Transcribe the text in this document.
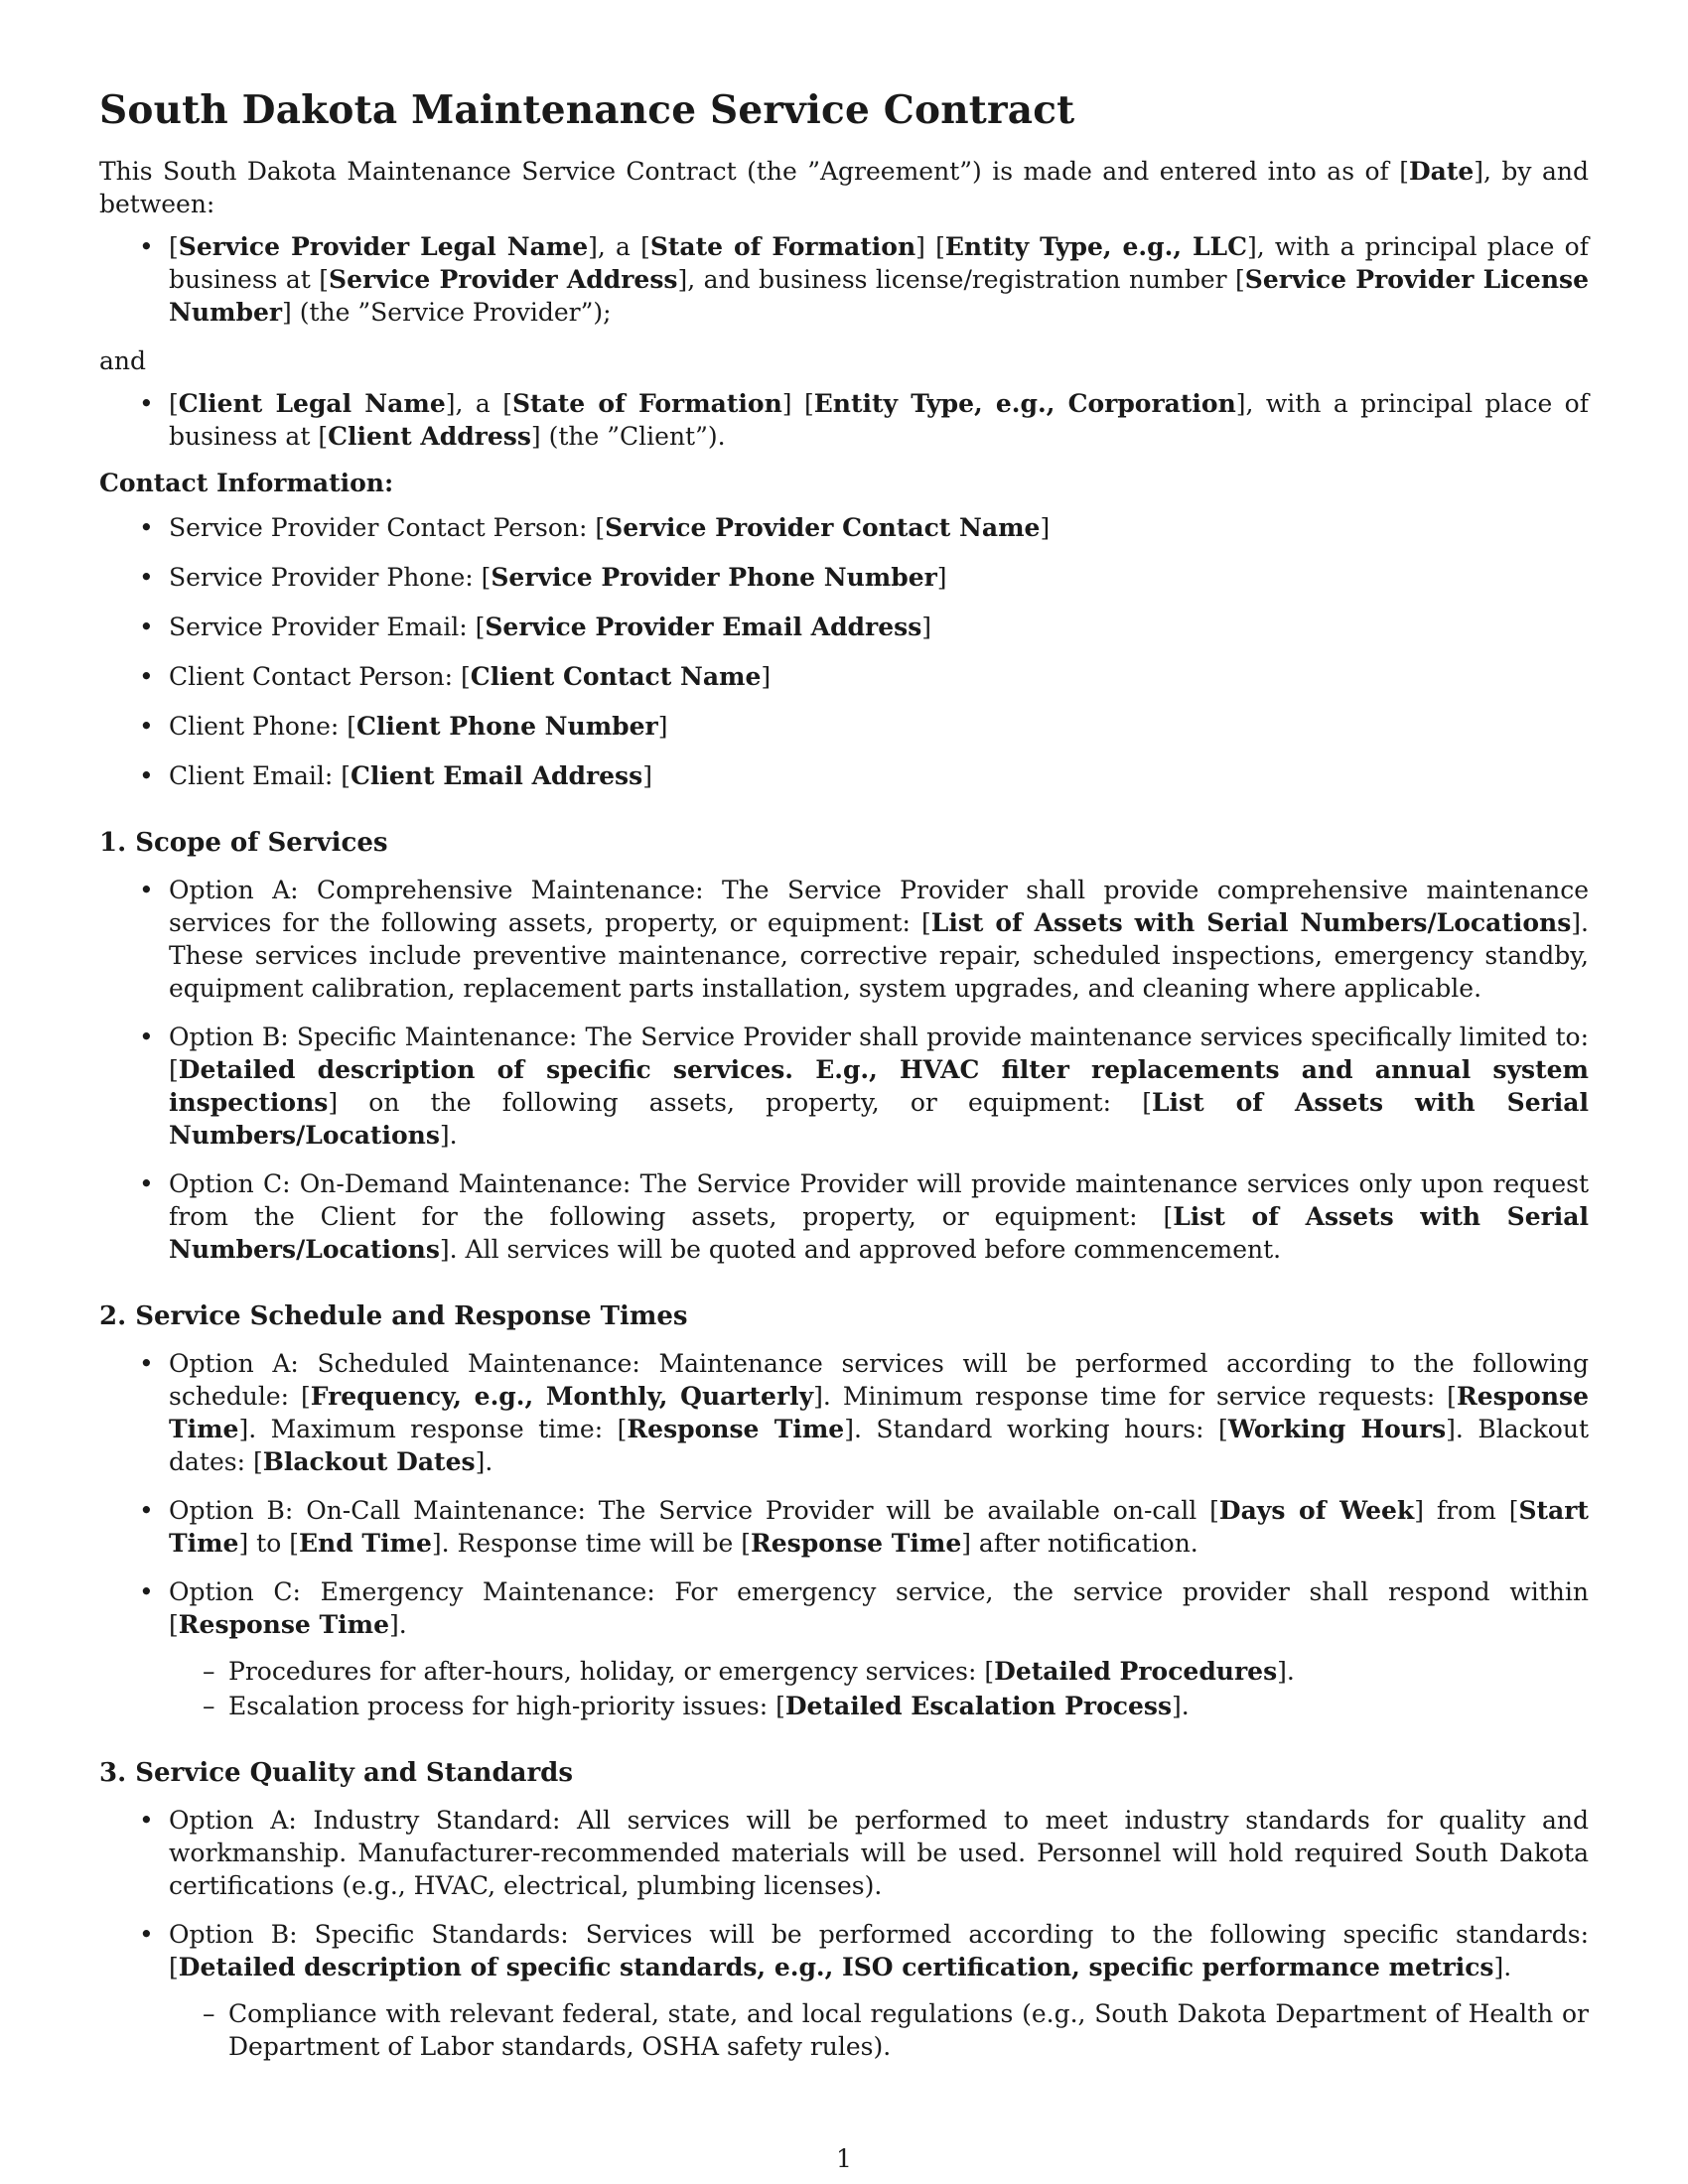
South Dakota Maintenance Service Contract

This South Dakota Maintenance Service Contract (the ”Agreement”) is made and entered into as of [Date], by and between:

• [Service Provider Legal Name], a [State of Formation] [Entity Type, e.g., LLC], with a principal place of business at [Service Provider Address], and business license/registration number [Service Provider License Number] (the ”Service Provider”);

and

• [Client Legal Name], a [State of Formation] [Entity Type, e.g., Corporation], with a principal place of business at [Client Address] (the ”Client”).
Contact Information:
• Service Provider Contact Person: [Service Provider Contact Name]
• Service Provider Phone: [Service Provider Phone Number]
• Service Provider Email: [Service Provider Email Address]
• Client Contact Person: [Client Contact Name]
• Client Phone: [Client Phone Number]
• Client Email: [Client Email Address]
1. Scope of Services
• Option A: Comprehensive Maintenance: The Service Provider shall provide comprehensive maintenance services for the following assets, property, or equipment: [List of Assets with Serial Numbers/Locations]. These services include preventive maintenance, corrective repair, scheduled inspections, emergency standby, equipment calibration, replacement parts installation, system upgrades, and cleaning where applicable.
• Option B: Specific Maintenance: The Service Provider shall provide maintenance services specifically limited to: [Detailed description of specific services. E.g., HVAC filter replacements and annual system inspections] on the following assets, property, or equipment: [List of Assets with Serial Numbers/Locations].
• Option C: On-Demand Maintenance: The Service Provider will provide maintenance services only upon request from the Client for the following assets, property, or equipment: [List of Assets with Serial Numbers/Locations]. All services will be quoted and approved before commencement.
2. Service Schedule and Response Times
• Option A: Scheduled Maintenance: Maintenance services will be performed according to the following schedule: [Frequency, e.g., Monthly, Quarterly]. Minimum response time for service requests: [Response Time]. Maximum response time: [Response Time]. Standard working hours: [Working Hours]. Blackout dates: [Blackout Dates].
• Option B: On-Call Maintenance: The Service Provider will be available on-call [Days of Week] from [Start Time] to [End Time]. Response time will be [Response Time] after notification.
• Option C: Emergency Maintenance: For emergency service, the service provider shall respond within [Response Time].
– Procedures for after-hours, holiday, or emergency services: [Detailed Procedures].
– Escalation process for high-priority issues: [Detailed Escalation Process].
3. Service Quality and Standards
• Option A: Industry Standard: All services will be performed to meet industry standards for quality and workmanship. Manufacturer-recommended materials will be used. Personnel will hold required South Dakota certifications (e.g., HVAC, electrical, plumbing licenses).
• Option B: Specific Standards: Services will be performed according to the following specific standards: [Detailed description of specific standards, e.g., ISO certification, specific performance metrics].
– Compliance with relevant federal, state, and local regulations (e.g., South Dakota Department of Health or Department of Labor standards, OSHA safety rules).
1
